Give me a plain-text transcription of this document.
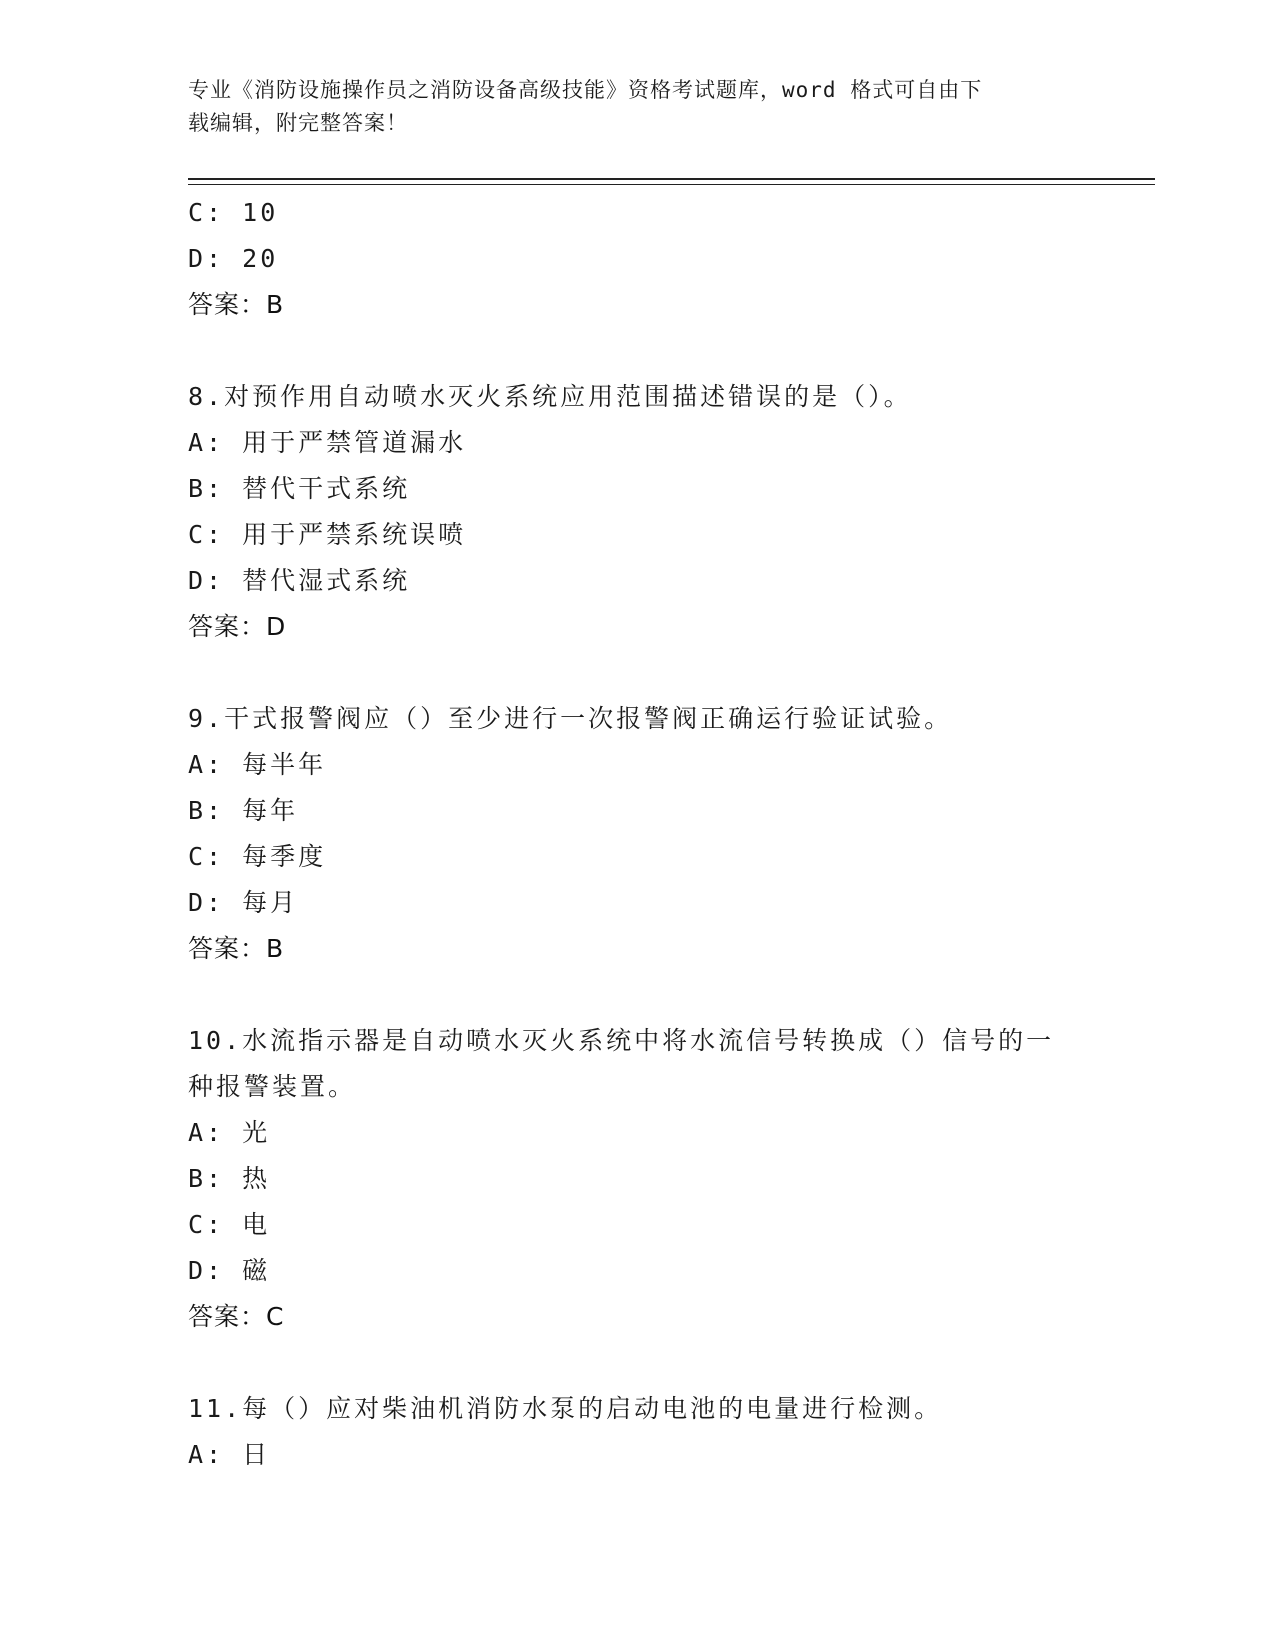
专业《消防设施操作员之消防设备高级技能》资格考试题库，word 格式可自由下
载编辑，附完整答案！
C: 10
D: 20
答案：B
8.对预作用自动喷水灭火系统应用范围描述错误的是（）。
A: 用于严禁管道漏水
B: 替代干式系统
C: 用于严禁系统误喷
D: 替代湿式系统
答案：D
9.干式报警阀应（）至少进行一次报警阀正确运行验证试验。
A: 每半年
B: 每年
C: 每季度
D: 每月
答案：B
10.水流指示器是自动喷水灭火系统中将水流信号转换成（）信号的一
种报警装置。
A: 光
B: 热
C: 电
D: 磁
答案：C
11.每（）应对柴油机消防水泵的启动电池的电量进行检测。
A: 日
